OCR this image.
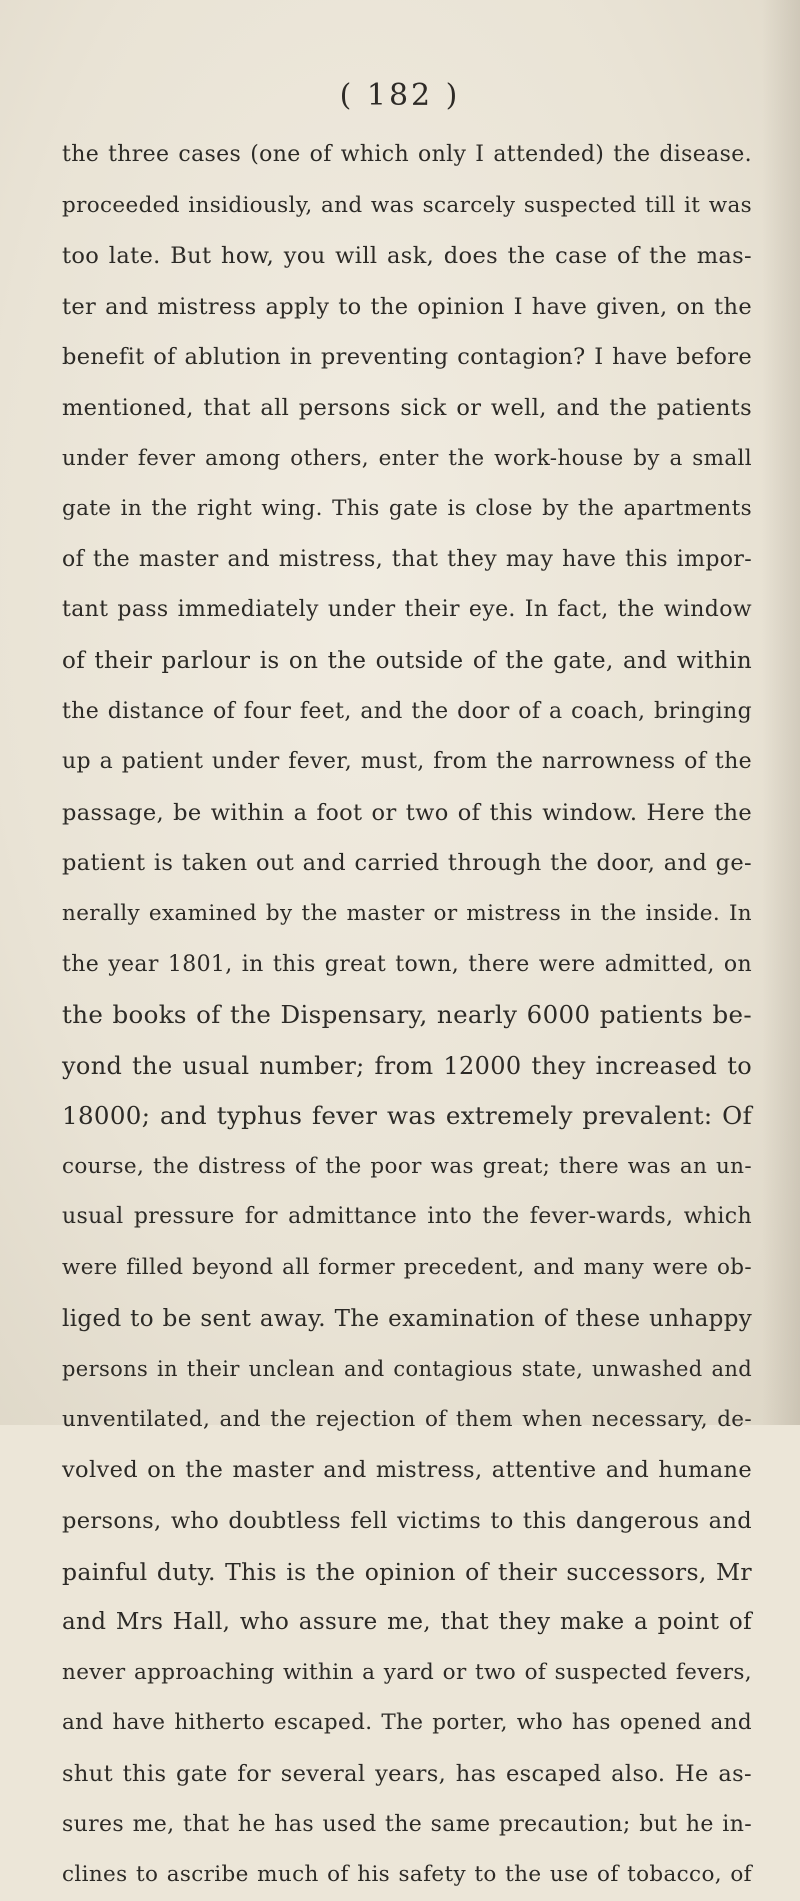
( 182 )
the three cases (one of which only I attended) the disease.
proceeded insidiously, and was scarcely suspected till it was
too late. But how, you will ask, does the case of the mas-
ter and mistress apply to the opinion I have given, on the
benefit of ablution in preventing contagion? I have before
mentioned, that all persons sick or well, and the patients
under fever among others, enter the work-house by a small
gate in the right wing. This gate is close by the apartments
of the master and mistress, that they may have this impor-
tant pass immediately under their eye. In fact, the window
of their parlour is on the outside of the gate, and within
the distance of four feet, and the door of a coach, bringing
up a patient under fever, must, from the narrowness of the
passage, be within a foot or two of this window. Here the
patient is taken out and carried through the door, and ge-
nerally examined by the master or mistress in the inside. In
the year 1801, in this great town, there were admitted, on
the books of the Dispensary, nearly 6000 patients be-
yond the usual number; from 12000 they increased to
18000; and typhus fever was extremely prevalent: Of
course, the distress of the poor was great; there was an un-
usual pressure for admittance into the fever-wards, which
were filled beyond all former precedent, and many were ob-
liged to be sent away. The examination of these unhappy
persons in their unclean and contagious state, unwashed and
unventilated, and the rejection of them when necessary, de-
volved on the master and mistress, attentive and humane
persons, who doubtless fell victims to this dangerous and
painful duty. This is the opinion of their successors, Mr
and Mrs Hall, who assure me, that they make a point of
never approaching within a yard or two of suspected fevers,
and have hitherto escaped. The porter, who has opened and
shut this gate for several years, has escaped also. He as-
sures me, that he has used the same precaution; but he in-
clines to ascribe much of his safety to the use of tobacco, of
